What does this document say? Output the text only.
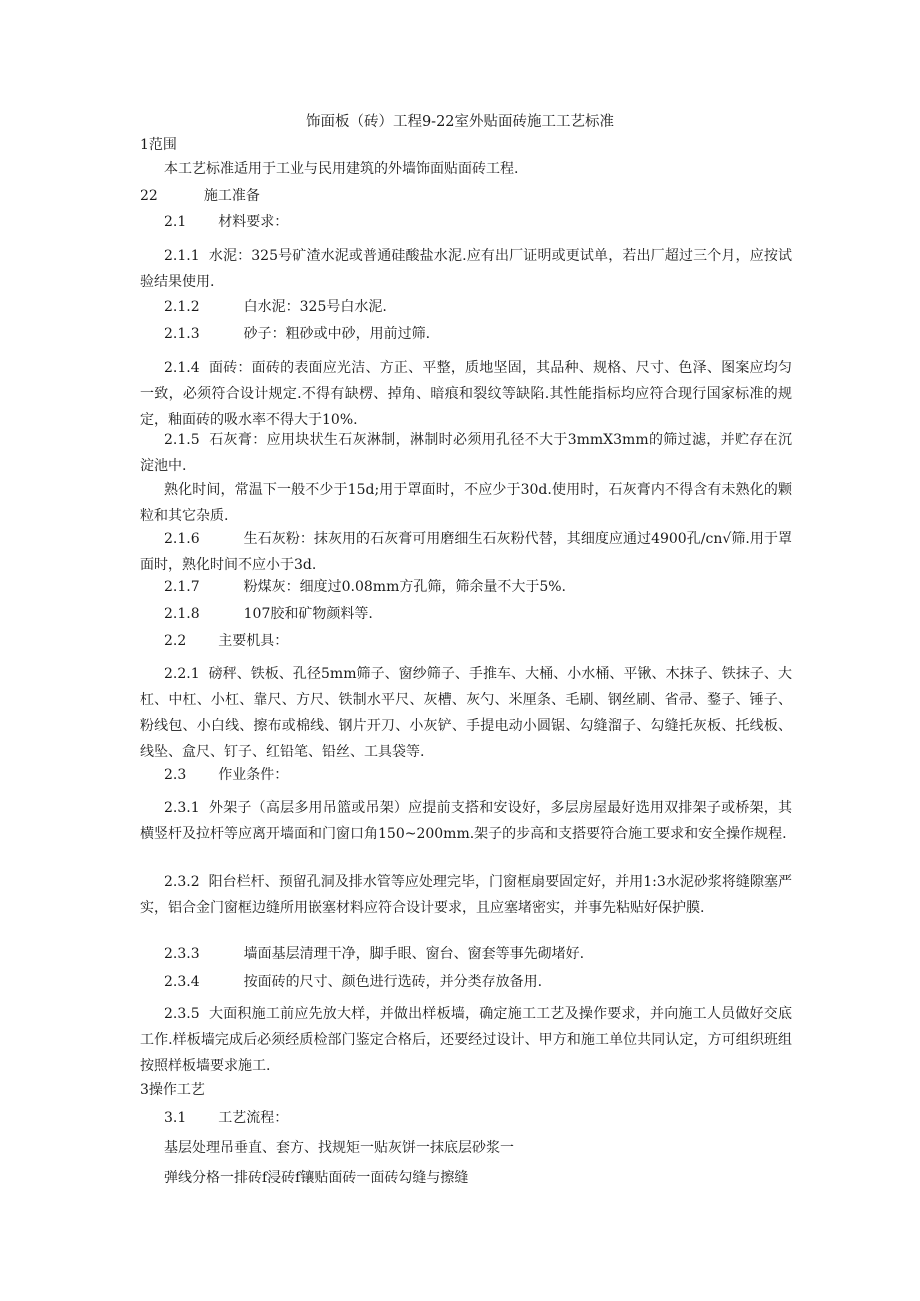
饰面板（砖）工程9-22室外贴面砖施工工艺标准
1范围
本工艺标准适用于工业与民用建筑的外墙饰面贴面砖工程.
22	施工准备
2.1 材料要求：
2.1.1 水泥：325号矿渣水泥或普通硅酸盐水泥.应有出厂证明或更试单，若出厂超过三个月，应按试验结果使用.
2.1.2	白水泥：325号白水泥.
2.1.3	砂子：粗砂或中砂，用前过筛.
2.1.4 面砖：面砖的表面应光洁、方正、平整，质地坚固，其品种、规格、尺寸、色泽、图案应均匀一致，必须符合设计规定.不得有缺楞、掉角、暗痕和裂纹等缺陷.其性能指标均应符合现行国家标准的规定，釉面砖的吸水率不得大于10%.
2.1.5 石灰膏：应用块状生石灰淋制，淋制时必须用孔径不大于3mmX3mm的筛过滤，并贮存在沉淀池中.
熟化时间，常温下一般不少于15d;用于罩面时，不应少于30d.使用时，石灰膏内不得含有未熟化的颗粒和其它杂质.
2.1.6	生石灰粉：抹灰用的石灰膏可用磨细生石灰粉代替，其细度应通过4900孔∕cn√筛.用于罩面时，熟化时间不应小于3d.
2.1.7	粉煤灰：细度过0.08mm方孔筛，筛余量不大于5%.
2.1.8	107胶和矿物颜料等.
2.2 主要机具：
2.2.1 磅秤、铁板、孔径5mm筛子、窗纱筛子、手推车、大桶、小水桶、平锹、木抹子、铁抹子、大杠、中杠、小杠、靠尺、方尺、铁制水平尺、灰槽、灰勺、米厘条、毛刷、钢丝刷、省帚、鍪子、锤子、粉线包、小白线、擦布或棉线、钢片开刀、小灰铲、手提电动小圆锯、勾缝溜子、勾缝托灰板、托线板、线坠、盒尺、钉子、红铅笔、铅丝、工具袋等.
2.3 作业条件：
2.3.1 外架子（高层多用吊篮或吊架）应提前支搭和安设好，多层房屋最好选用双排架子或桥架，其横竖杆及拉杆等应离开墙面和门窗口角150~200mm.架子的步高和支搭要符合施工要求和安全操作规程.
2.3.2 阳台栏杆、预留孔洞及排水管等应处理完毕，门窗框扇要固定好，并用1:3水泥砂浆将缝隙塞严实，铝合金门窗框边缝所用嵌塞材料应符合设计要求，且应塞堵密实，并事先粘贴好保护膜.
2.3.3	墙面基层清理干净，脚手眼、窗台、窗套等事先砌堵好.
2.3.4	按面砖的尺寸、颜色进行选砖，并分类存放备用.
2.3.5 大面积施工前应先放大样，并做出样板墙，确定施工工艺及操作要求，并向施工人员做好交底工作.样板墙完成后必须经质检部门鉴定合格后，还要经过设计、甲方和施工单位共同认定，方可组织班组按照样板墙要求施工.
3操作工艺
3.1 工艺流程：
基层处理吊垂直、套方、找规矩一贴灰饼一抹底层砂浆一
弹线分格一排砖f浸砖f镶贴面砖一面砖勾缝与擦缝
